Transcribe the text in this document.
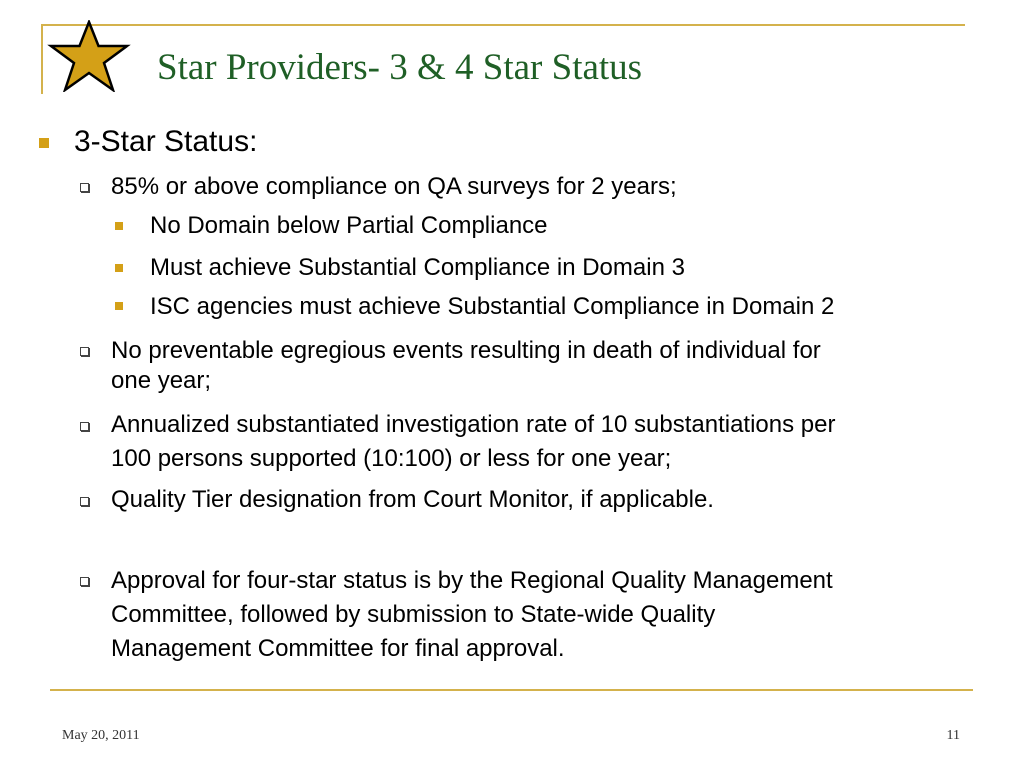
Star Providers- 3 & 4 Star Status

3-Star Status:

85% or above compliance on QA surveys for 2 years;

No Domain below Partial Compliance

Must achieve Substantial Compliance in Domain 3

ISC agencies must achieve Substantial Compliance in Domain 2

No preventable egregious events resulting in death of individual for

one year;

Annualized substantiated investigation rate of 10 substantiations per

100 persons supported (10:100) or less for one year;

Quality Tier designation from Court Monitor, if applicable.

Approval for four-star status is by the Regional Quality Management

Committee, followed by submission to State-wide Quality

Management Committee for final approval.

May 20, 2011	11
